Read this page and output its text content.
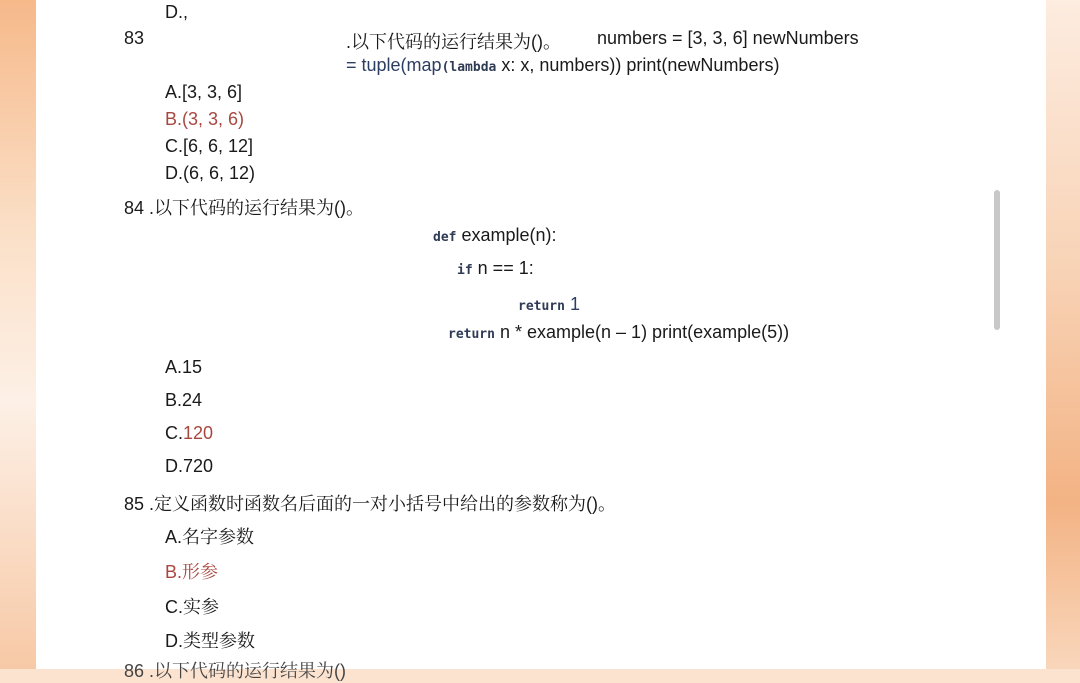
D.,
83	.以下代码的运行结果为()。 numbers = [3, 3, 6] newNumbers
= tuple(map(lambda x: x, numbers)) print(newNumbers)
A.[3, 3, 6]
B.(3, 3, 6)
C.[6, 6, 12]
D.(6, 6, 12)
84 .以下代码的运行结果为()。
def example(n):
if n == 1:
return 1
return n * example(n – 1) print(example(5))
A.15
B.24
C.120
D.720
85 .定义函数时函数名后面的一对小括号中给出的参数称为()。
A.名字参数
B.形参
C.实参
D.类型参数
86 .以下代码的运行结果为()
